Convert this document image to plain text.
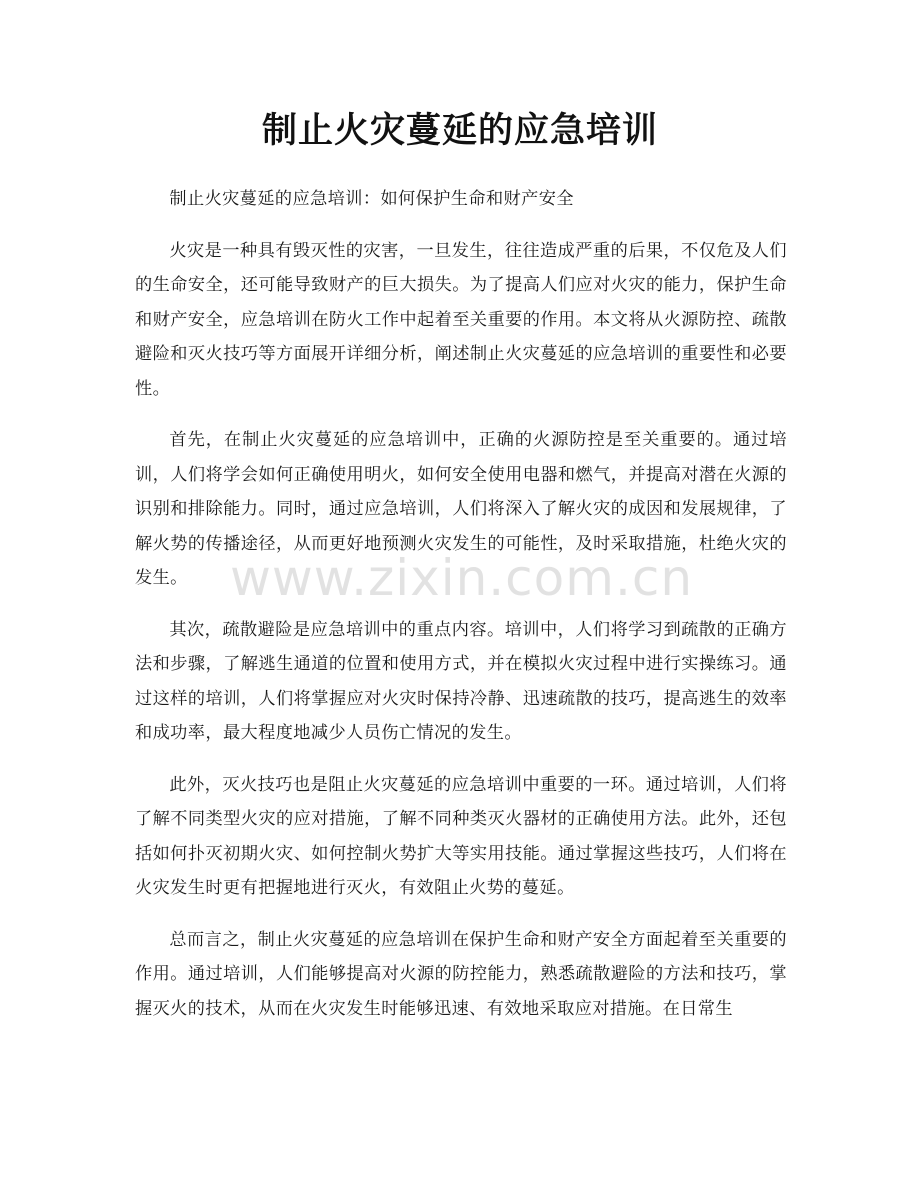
制止火灾蔓延的应急培训

制止火灾蔓延的应急培训：如何保护生命和财产安全

火灾是一种具有毁灭性的灾害，一旦发生，往往造成严重的后果，不仅危及人们的生命安全，还可能导致财产的巨大损失。为了提高人们应对火灾的能力，保护生命和财产安全，应急培训在防火工作中起着至关重要的作用。本文将从火源防控、疏散避险和灭火技巧等方面展开详细分析，阐述制止火灾蔓延的应急培训的重要性和必要性。

首先，在制止火灾蔓延的应急培训中，正确的火源防控是至关重要的。通过培训，人们将学会如何正确使用明火，如何安全使用电器和燃气，并提高对潜在火源的识别和排除能力。同时，通过应急培训，人们将深入了解火灾的成因和发展规律，了解火势的传播途径，从而更好地预测火灾发生的可能性，及时采取措施，杜绝火灾的发生。

其次，疏散避险是应急培训中的重点内容。培训中，人们将学习到疏散的正确方法和步骤，了解逃生通道的位置和使用方式，并在模拟火灾过程中进行实操练习。通过这样的培训，人们将掌握应对火灾时保持冷静、迅速疏散的技巧，提高逃生的效率和成功率，最大程度地减少人员伤亡情况的发生。

此外，灭火技巧也是阻止火灾蔓延的应急培训中重要的一环。通过培训，人们将了解不同类型火灾的应对措施，了解不同种类灭火器材的正确使用方法。此外，还包括如何扑灭初期火灾、如何控制火势扩大等实用技能。通过掌握这些技巧，人们将在火灾发生时更有把握地进行灭火，有效阻止火势的蔓延。

总而言之，制止火灾蔓延的应急培训在保护生命和财产安全方面起着至关重要的作用。通过培训，人们能够提高对火源的防控能力，熟悉疏散避险的方法和技巧，掌握灭火的技术，从而在火灾发生时能够迅速、有效地采取应对措施。在日常生

www.zixin.com.cn
